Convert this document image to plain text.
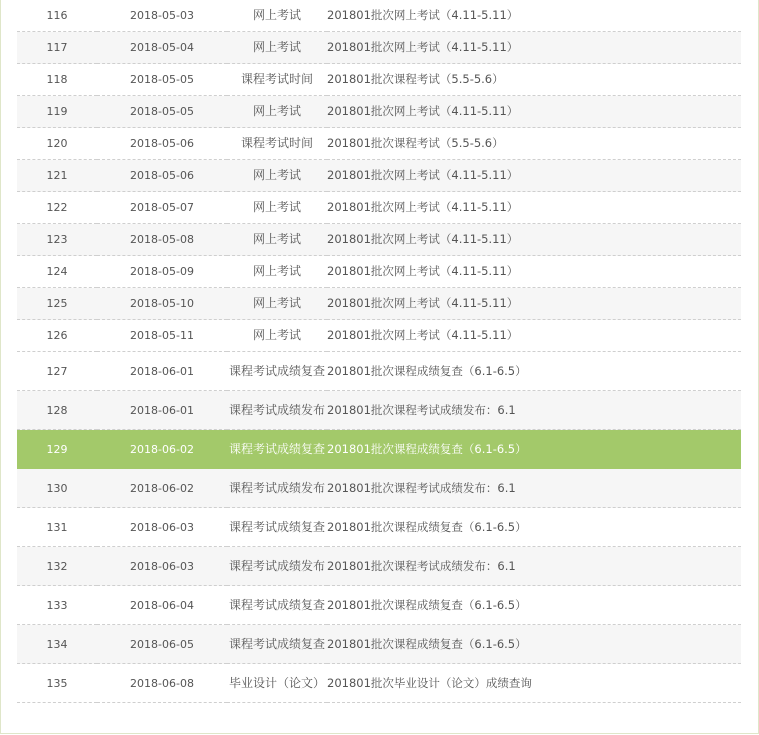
116	2018-05-03	网上考试	201801批次网上考试（4.11-5.11）
117	2018-05-04	网上考试	201801批次网上考试（4.11-5.11）
118	2018-05-05	课程考试时间	201801批次课程考试（5.5-5.6）
119	2018-05-05	网上考试	201801批次网上考试（4.11-5.11）
120	2018-05-06	课程考试时间	201801批次课程考试（5.5-5.6）
121	2018-05-06	网上考试	201801批次网上考试（4.11-5.11）
122	2018-05-07	网上考试	201801批次网上考试（4.11-5.11）
123	2018-05-08	网上考试	201801批次网上考试（4.11-5.11）
124	2018-05-09	网上考试	201801批次网上考试（4.11-5.11）
125	2018-05-10	网上考试	201801批次网上考试（4.11-5.11）
126	2018-05-11	网上考试	201801批次网上考试（4.11-5.11）
127	2018-06-01	课程考试成绩复查	201801批次课程成绩复查（6.1-6.5）
128	2018-06-01	课程考试成绩发布	201801批次课程考试成绩发布：6.1
129	2018-06-02	课程考试成绩复查	201801批次课程成绩复查（6.1-6.5）
130	2018-06-02	课程考试成绩发布	201801批次课程考试成绩发布：6.1
131	2018-06-03	课程考试成绩复查	201801批次课程成绩复查（6.1-6.5）
132	2018-06-03	课程考试成绩发布	201801批次课程考试成绩发布：6.1
133	2018-06-04	课程考试成绩复查	201801批次课程成绩复查（6.1-6.5）
134	2018-06-05	课程考试成绩复查	201801批次课程成绩复查（6.1-6.5）
135	2018-06-08	毕业设计（论文）	201801批次毕业设计（论文）成绩查询
